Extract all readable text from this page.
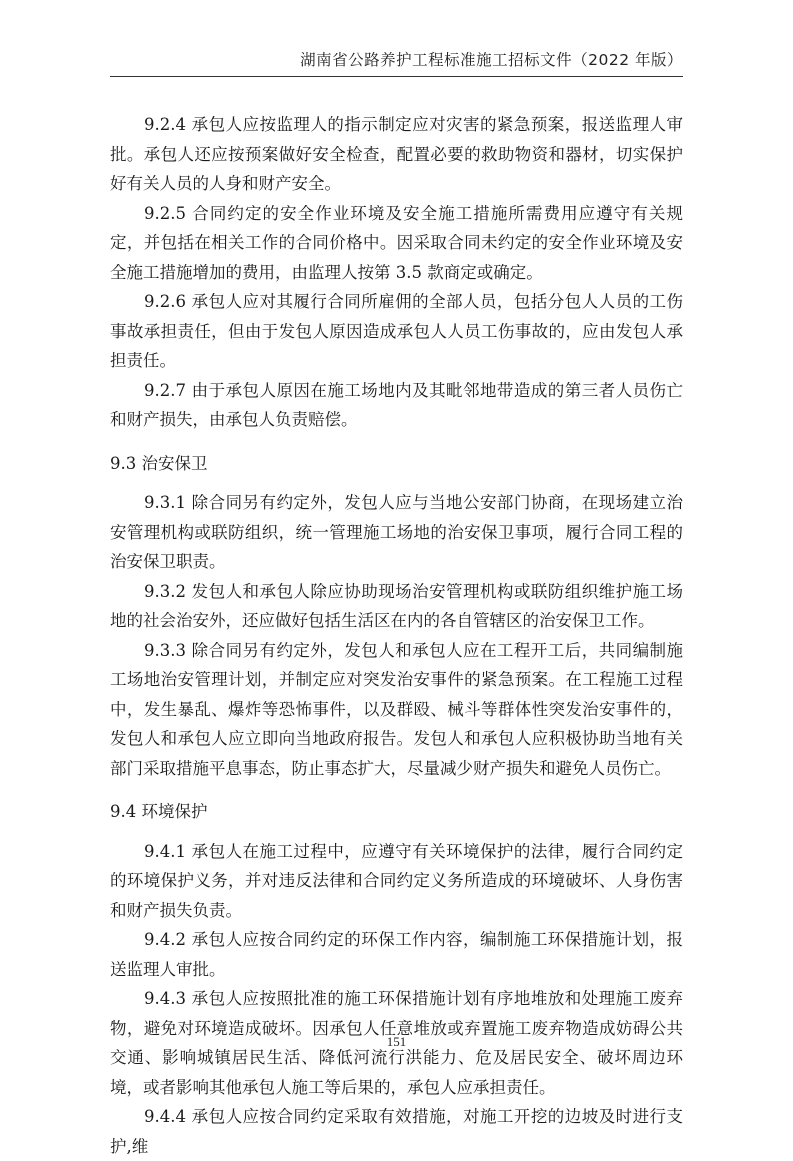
湖南省公路养护工程标准施工招标文件（2022 年版）

9.2.4 承包人应按监理人的指示制定应对灾害的紧急预案，报送监理人审批。承包人还应按预案做好安全检查，配置必要的救助物资和器材，切实保护好有关人员的人身和财产安全。

9.2.5 合同约定的安全作业环境及安全施工措施所需费用应遵守有关规定，并包括在相关工作的合同价格中。因采取合同未约定的安全作业环境及安全施工措施增加的费用，由监理人按第 3.5 款商定或确定。

9.2.6 承包人应对其履行合同所雇佣的全部人员，包括分包人人员的工伤事故承担责任，但由于发包人原因造成承包人人员工伤事故的，应由发包人承担责任。

9.2.7 由于承包人原因在施工场地内及其毗邻地带造成的第三者人员伤亡和财产损失，由承包人负责赔偿。

9.3 治安保卫

9.3.1 除合同另有约定外，发包人应与当地公安部门协商，在现场建立治安管理机构或联防组织，统一管理施工场地的治安保卫事项，履行合同工程的治安保卫职责。

9.3.2 发包人和承包人除应协助现场治安管理机构或联防组织维护施工场地的社会治安外，还应做好包括生活区在内的各自管辖区的治安保卫工作。

9.3.3 除合同另有约定外，发包人和承包人应在工程开工后，共同编制施工场地治安管理计划，并制定应对突发治安事件的紧急预案。在工程施工过程中，发生暴乱、爆炸等恐怖事件，以及群殴、械斗等群体性突发治安事件的，发包人和承包人应立即向当地政府报告。发包人和承包人应积极协助当地有关部门采取措施平息事态，防止事态扩大，尽量减少财产损失和避免人员伤亡。

9.4 环境保护

9.4.1 承包人在施工过程中，应遵守有关环境保护的法律，履行合同约定的环境保护义务，并对违反法律和合同约定义务所造成的环境破坏、人身伤害和财产损失负责。

9.4.2 承包人应按合同约定的环保工作内容，编制施工环保措施计划，报送监理人审批。

9.4.3 承包人应按照批准的施工环保措施计划有序地堆放和处理施工废弃物，避免对环境造成破坏。因承包人任意堆放或弃置施工废弃物造成妨碍公共交通、影响城镇居民生活、降低河流行洪能力、危及居民安全、破坏周边环境，或者影响其他承包人施工等后果的，承包人应承担责任。

9.4.4 承包人应按合同约定采取有效措施，对施工开挖的边坡及时进行支护,维

151
